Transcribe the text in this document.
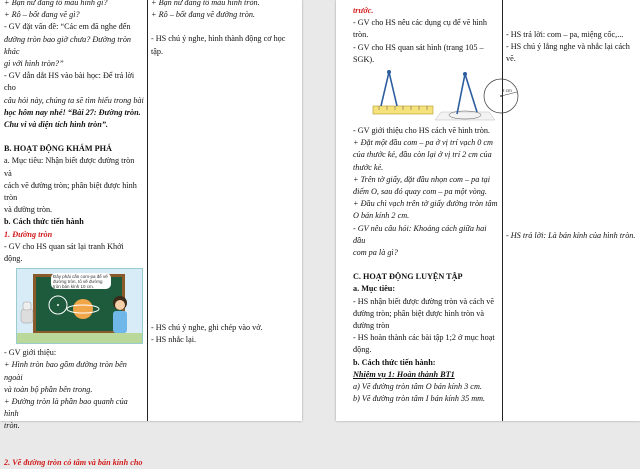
+ Bạn nữ đang tô màu hình gì?

+ Rô – bốt đang vẽ gì?

- GV đặt vấn đề: “Các em đã nghe đến

đường tròn bao giờ chưa? Đường tròn khác

gì với hình tròn?”

- GV dẫn dắt HS vào bài học: Để trả lời cho

câu hỏi này, chúng ta sẽ tìm hiểu trong bài

học hôm nay nhé! “Bài 27: Đường tròn.

Chu vi và diện tích hình tròn”.

B. HOẠT ĐỘNG KHÁM PHÁ

a. Mục tiêu: Nhận biết được đường tròn và

cách vẽ đường tròn; phân biệt được hình tròn

và đường tròn.

b. Cách thức tiến hành

1. Đường tròn

- GV cho HS quan sát lại tranh Khởi động.

Đây phải cấn com-pa để vẽ đường tròn, tô vẽ đường tròn bán kính 10 cm.

- GV giới thiệu:

+ Hình tròn bao gồm đường tròn bên ngoài

và toàn bộ phần bên trong.

+ Đường tròn là phần bao quanh của hình

tròn.

2. Vẽ đường tròn có tâm và bán kính cho

+ Bạn nữ đang tô màu hình tròn.

+ Rô – bốt đang vẽ đường tròn.

- HS chú ý nghe, hình thành động cơ học

tập.

- HS chú ý nghe, ghi chép vào vở.

- HS nhắc lại.

trước.

- GV cho HS nêu các dụng cụ để vẽ hình

tròn.

- GV cho HS quan sát hình (trang 105 –

SGK).

2 cm

- GV giới thiệu cho HS cách vẽ hình tròn.

+ Đặt một đầu com – pa ở vị trí vạch 0 cm

của thước kẻ, đầu còn lại ở vị trí 2 cm của

thước kẻ.

+ Trên tờ giấy, đặt đầu nhọn com – pa tại

điểm O, sau đó quay com – pa một vòng.

+ Đầu chì vạch trên tờ giấy đường tròn tâm

O bán kính 2 cm.

- GV nêu câu hỏi: Khoảng cách giữa hai đầu

com pa là gì?

C. HOẠT ĐỘNG LUYỆN TẬP

a. Mục tiêu:

- HS nhận biết được đường tròn và cách vẽ

đường tròn; phân biệt được hình tròn và

đường tròn

- HS hoàn thành các bài tập 1;2 ở mục hoạt

động.

b. Cách thức tiến hành:

Nhiệm vụ 1: Hoàn thành BT1

a) Vẽ đường tròn tâm O bán kính 3 cm.

b) Vẽ đường tròn tâm I bán kính 35 mm.

- HS trả lời: com – pa, miệng cốc,...

- HS chú ý lắng nghe và nhắc lại cách vẽ.

- HS trả lời: Là bán kính của hình tròn.
